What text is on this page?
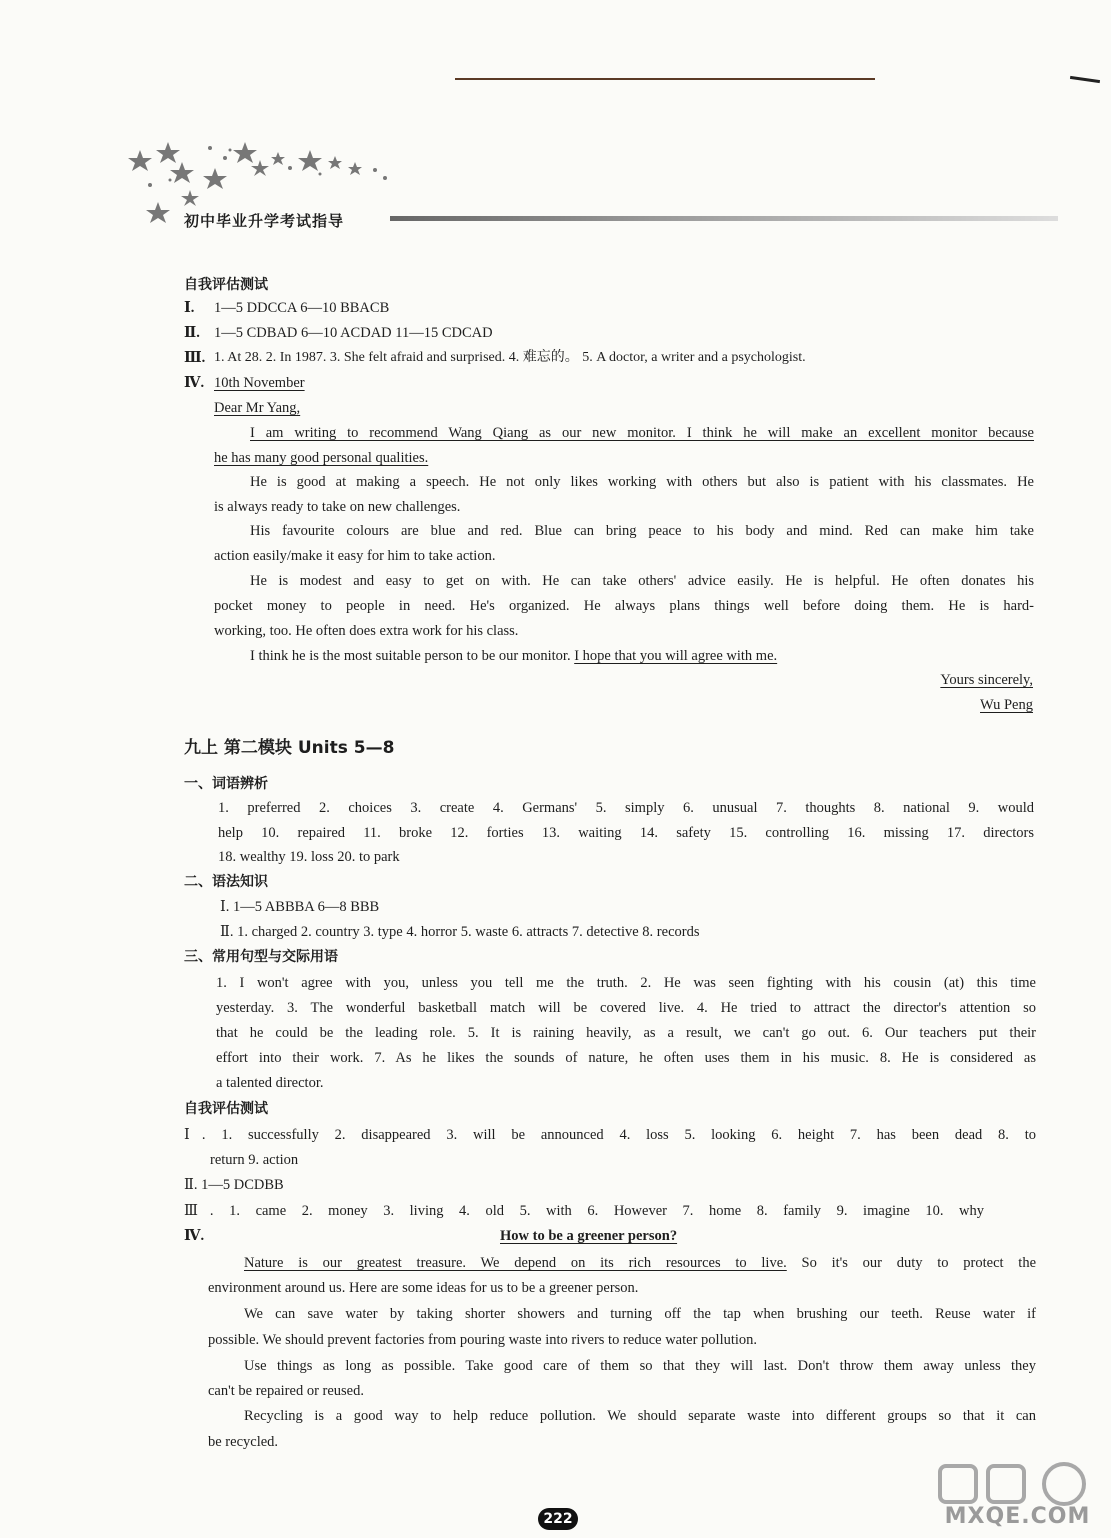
初中毕业升学考试指导
自我评估测试
Ⅰ. 1—5 DDCCA 6—10 BBACB
Ⅱ. 1—5 CDBAD 6—10 ACDAD 11—15 CDCAD
Ⅲ. 1. At 28. 2. In 1987. 3. She felt afraid and surprised. 4. 难忘的。 5. A doctor, a writer and a psychologist.
Ⅳ. 10th November
Dear Mr Yang,
I am writing to recommend Wang Qiang as our new monitor. I think he will make an excellent monitor because
he has many good personal qualities.
He is good at making a speech. He not only likes working with others but also is patient with his classmates. He
is always ready to take on new challenges.
His favourite colours are blue and red. Blue can bring peace to his body and mind. Red can make him take
action easily/make it easy for him to take action.
He is modest and easy to get on with. He can take others' advice easily. He is helpful. He often donates his
pocket money to people in need. He's organized. He always plans things well before doing them. He is hard-
working, too. He often does extra work for his class.
I think he is the most suitable person to be our monitor. I hope that you will agree with me.
Yours sincerely,
Wu Peng
九上 第二模块 Units 5—8
一、词语辨析
1. preferred 2. choices 3. create 4. Germans' 5. simply 6. unusual 7. thoughts 8. national 9. would
help 10. repaired 11. broke 12. forties 13. waiting 14. safety 15. controlling 16. missing 17. directors
18. wealthy 19. loss 20. to park
二、语法知识
Ⅰ. 1—5 ABBBA 6—8 BBB
Ⅱ. 1. charged 2. country 3. type 4. horror 5. waste 6. attracts 7. detective 8. records
三、常用句型与交际用语
1. I won't agree with you, unless you tell me the truth. 2. He was seen fighting with his cousin (at) this time
yesterday. 3. The wonderful basketball match will be covered live. 4. He tried to attract the director's attention so
that he could be the leading role. 5. It is raining heavily, as a result, we can't go out. 6. Our teachers put their
effort into their work. 7. As he likes the sounds of nature, he often uses them in his music. 8. He is considered as
a talented director.
自我评估测试
Ⅰ. 1. successfully 2. disappeared 3. will be announced 4. loss 5. looking 6. height 7. has been dead 8. to
return 9. action
Ⅱ. 1—5 DCDBB
Ⅲ. 1. came 2. money 3. living 4. old 5. with 6. However 7. home 8. family 9. imagine 10. why
Ⅳ.	How to be a greener person?
Nature is our greatest treasure. We depend on its rich resources to live. So it's our duty to protect the
environment around us. Here are some ideas for us to be a greener person.
We can save water by taking shorter showers and turning off the tap when brushing our teeth. Reuse water if
possible. We should prevent factories from pouring waste into rivers to reduce water pollution.
Use things as long as possible. Take good care of them so that they will last. Don't throw them away unless they
can't be repaired or reused.
Recycling is a good way to help reduce pollution. We should separate waste into different groups so that it can
be recycled.
222	MXQE.COM
